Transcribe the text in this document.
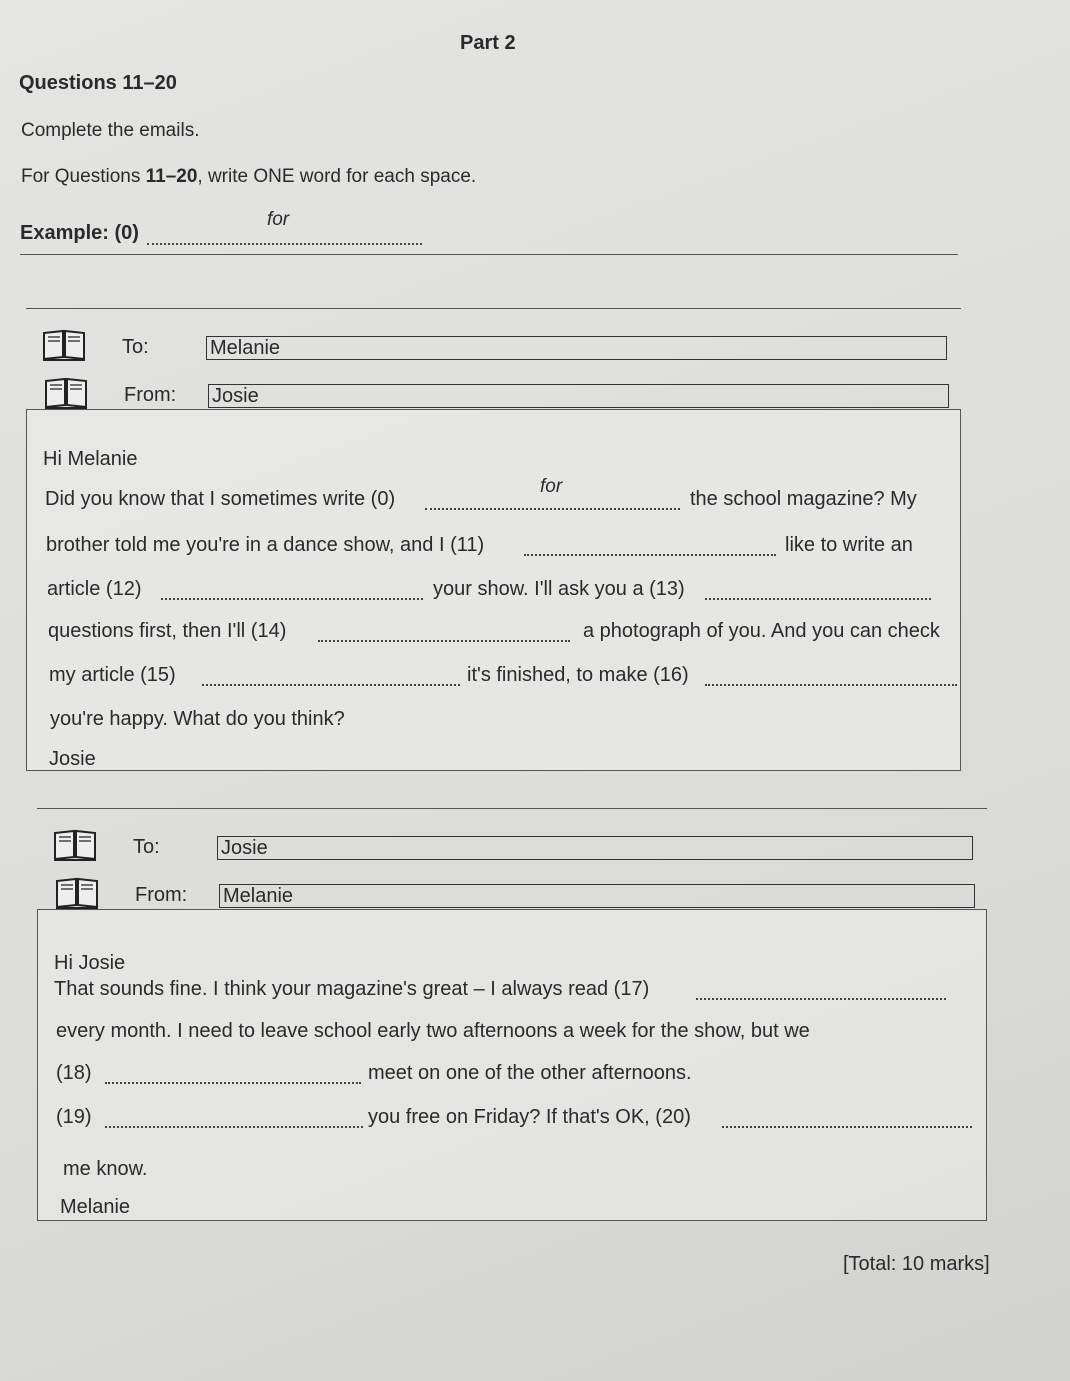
Part 2
Questions 11–20
Complete the emails.
For Questions 11–20, write ONE word for each space.
Example: (0)
for
To:	Melanie
From:	Josie
Hi Melanie
Josie
Did you know that I sometimes write (0)
for
the school magazine? My
brother told me you're in a dance show, and I (11)	like to write an
article (12)	your show. I'll ask you a (13)
questions first, then I'll (14)	a photograph of you. And you can check
my article (15)	it's finished, to make (16)
you're happy. What do you think?
To:	Josie
From:	Melanie
Hi Josie
Melanie
That sounds fine. I think your magazine's great – I always read (17)
every month. I need to leave school early two afternoons a week for the show, but we
(18)	meet on one of the other afternoons.
(19)	you free on Friday? If that's OK, (20)
me know.
[Total: 10 marks]
